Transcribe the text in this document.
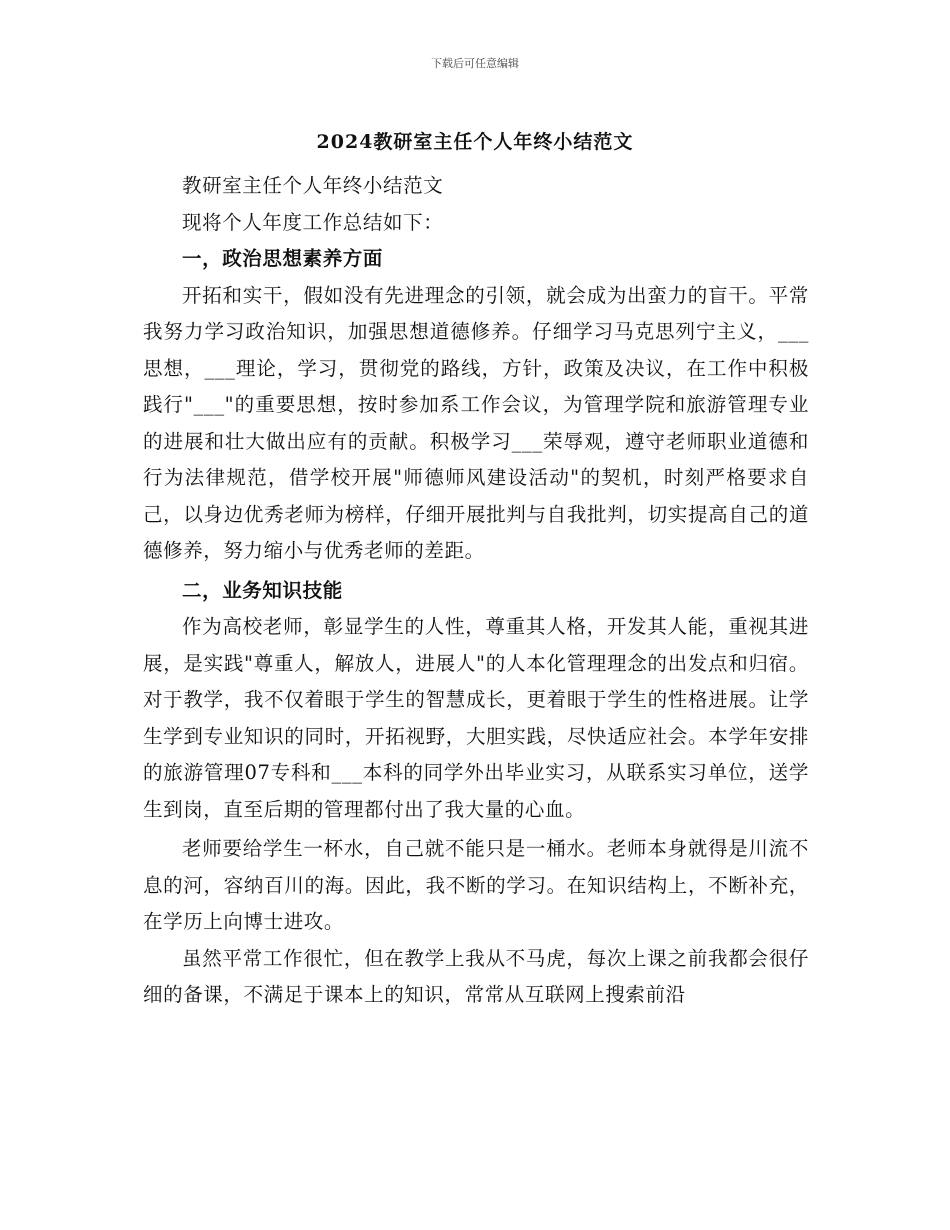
下载后可任意编辑
2024教研室主任个人年终小结范文

教研室主任个人年终小结范文

现将个人年度工作总结如下：

一，政治思想素养方面

开拓和实干，假如没有先进理念的引领，就会成为出蛮力的盲干。平常我努力学习政治知识，加强思想道德修养。仔细学习马克思列宁主义，___思想，___理论，学习，贯彻党的路线，方针，政策及决议，在工作中积极践行"___"的重要思想，按时参加系工作会议，为管理学院和旅游管理专业的进展和壮大做出应有的贡献。积极学习___荣辱观，遵守老师职业道德和行为法律规范，借学校开展"师德师风建设活动"的契机，时刻严格要求自己，以身边优秀老师为榜样，仔细开展批判与自我批判，切实提高自己的道德修养，努力缩小与优秀老师的差距。

二，业务知识技能

作为高校老师，彰显学生的人性，尊重其人格，开发其人能，重视其进展，是实践"尊重人，解放人，进展人"的人本化管理理念的出发点和归宿。对于教学，我不仅着眼于学生的智慧成长，更着眼于学生的性格进展。让学生学到专业知识的同时，开拓视野，大胆实践，尽快适应社会。本学年安排的旅游管理07专科和___本科的同学外出毕业实习，从联系实习单位，送学生到岗，直至后期的管理都付出了我大量的心血。

老师要给学生一杯水，自己就不能只是一桶水。老师本身就得是川流不息的河，容纳百川的海。因此，我不断的学习。在知识结构上，不断补充，在学历上向博士进攻。

虽然平常工作很忙，但在教学上我从不马虎，每次上课之前我都会很仔细的备课，不满足于课本上的知识，常常从互联网上搜索前沿
